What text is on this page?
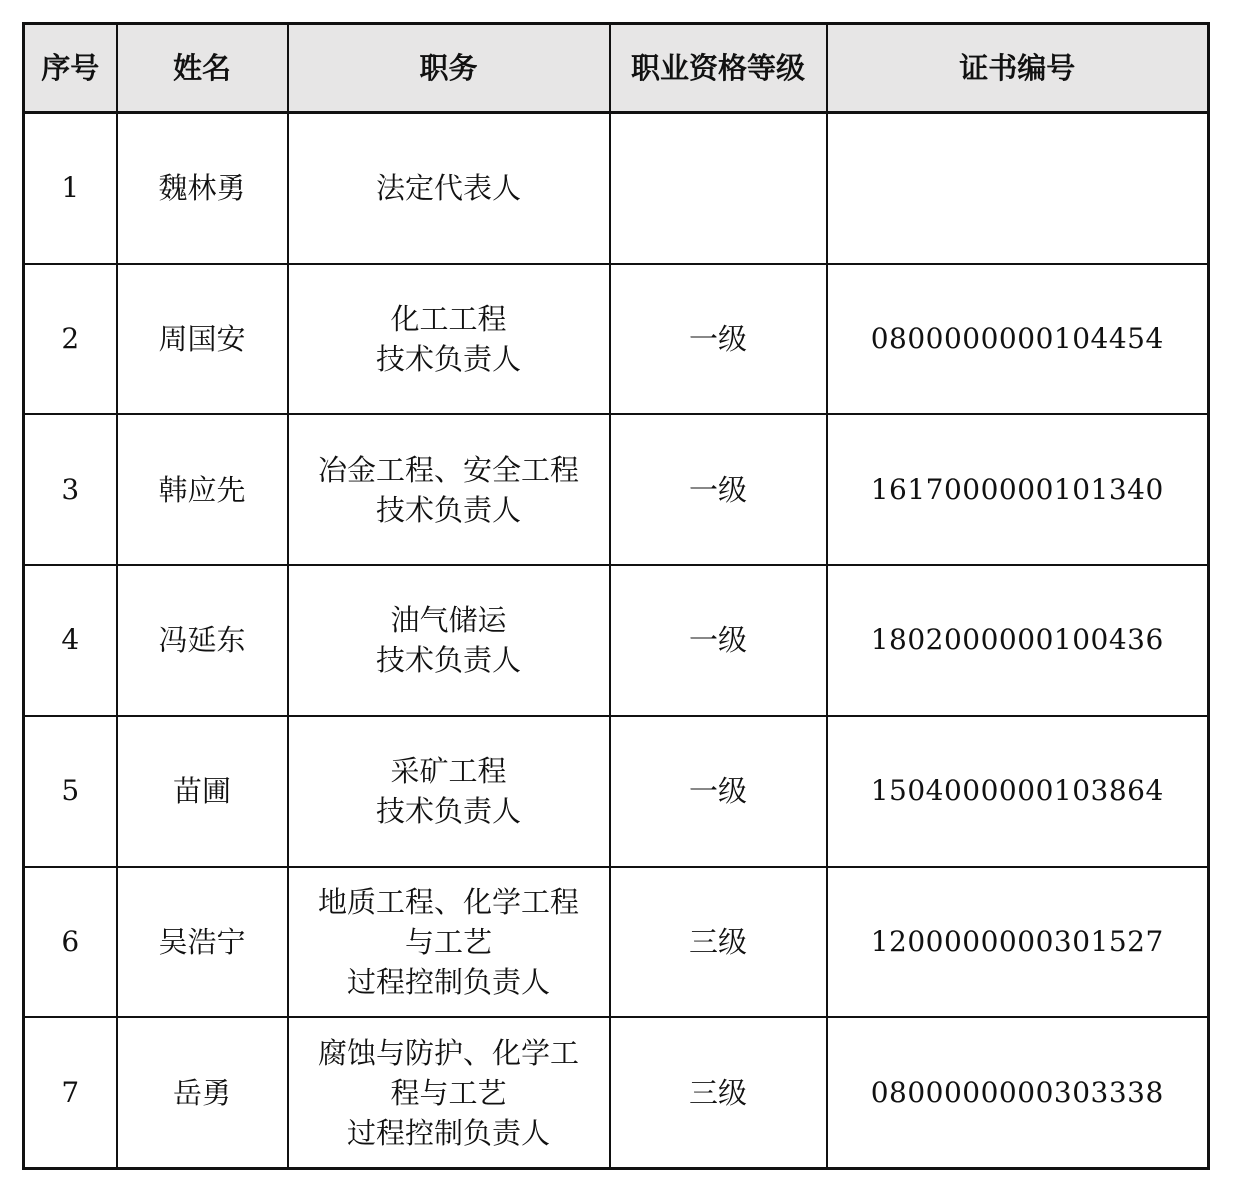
序号	姓名	职务	职业资格等级	证书编号
1	魏林勇	法定代表人		

2	周国安	化工工程
技术负责人	一级	0800000000104454
3	韩应先	冶金工程、安全工程
技术负责人	一级	1617000000101340
4	冯延东	油气储运
技术负责人	一级	1802000000100436
5	苗圃	采矿工程
技术负责人	一级	1504000000103864
6	吴浩宁	地质工程、化学工程
与工艺
过程控制负责人	三级	1200000000301527
7	岳勇	腐蚀与防护、化学工
程与工艺
过程控制负责人	三级	0800000000303338
